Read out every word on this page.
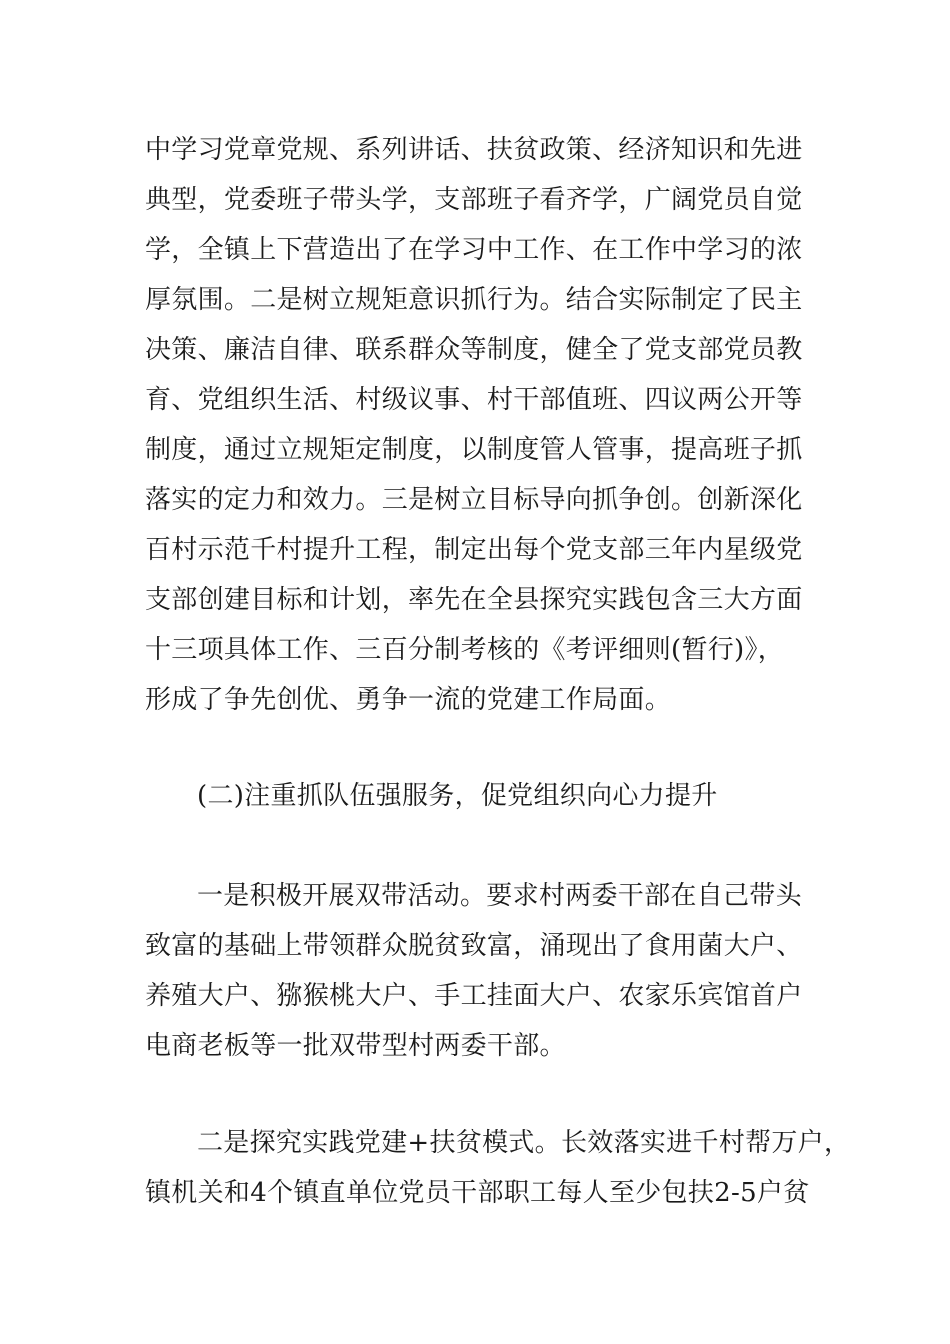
中学习党章党规、系列讲话、扶贫政策、经济知识和先进
典型，党委班子带头学，支部班子看齐学，广阔党员自觉
学，全镇上下营造出了在学习中工作、在工作中学习的浓
厚氛围。二是树立规矩意识抓行为。结合实际制定了民主
决策、廉洁自律、联系群众等制度，健全了党支部党员教
育、党组织生活、村级议事、村干部值班、四议两公开等
制度，通过立规矩定制度，以制度管人管事，提高班子抓
落实的定力和效力。三是树立目标导向抓争创。创新深化
百村示范千村提升工程，制定出每个党支部三年内星级党
支部创建目标和计划，率先在全县探究实践包含三大方面
十三项具体工作、三百分制考核的《考评细则(暂行)》，
形成了争先创优、勇争一流的党建工作局面。
(二)注重抓队伍强服务，促党组织向心力提升
一是积极开展双带活动。要求村两委干部在自己带头
致富的基础上带领群众脱贫致富，涌现出了食用菌大户、
养殖大户、猕猴桃大户、手工挂面大户、农家乐宾馆首户
电商老板等一批双带型村两委干部。
二是探究实践党建+扶贫模式。长效落实进千村帮万户，
镇机关和4个镇直单位党员干部职工每人至少包扶2-5户贫
